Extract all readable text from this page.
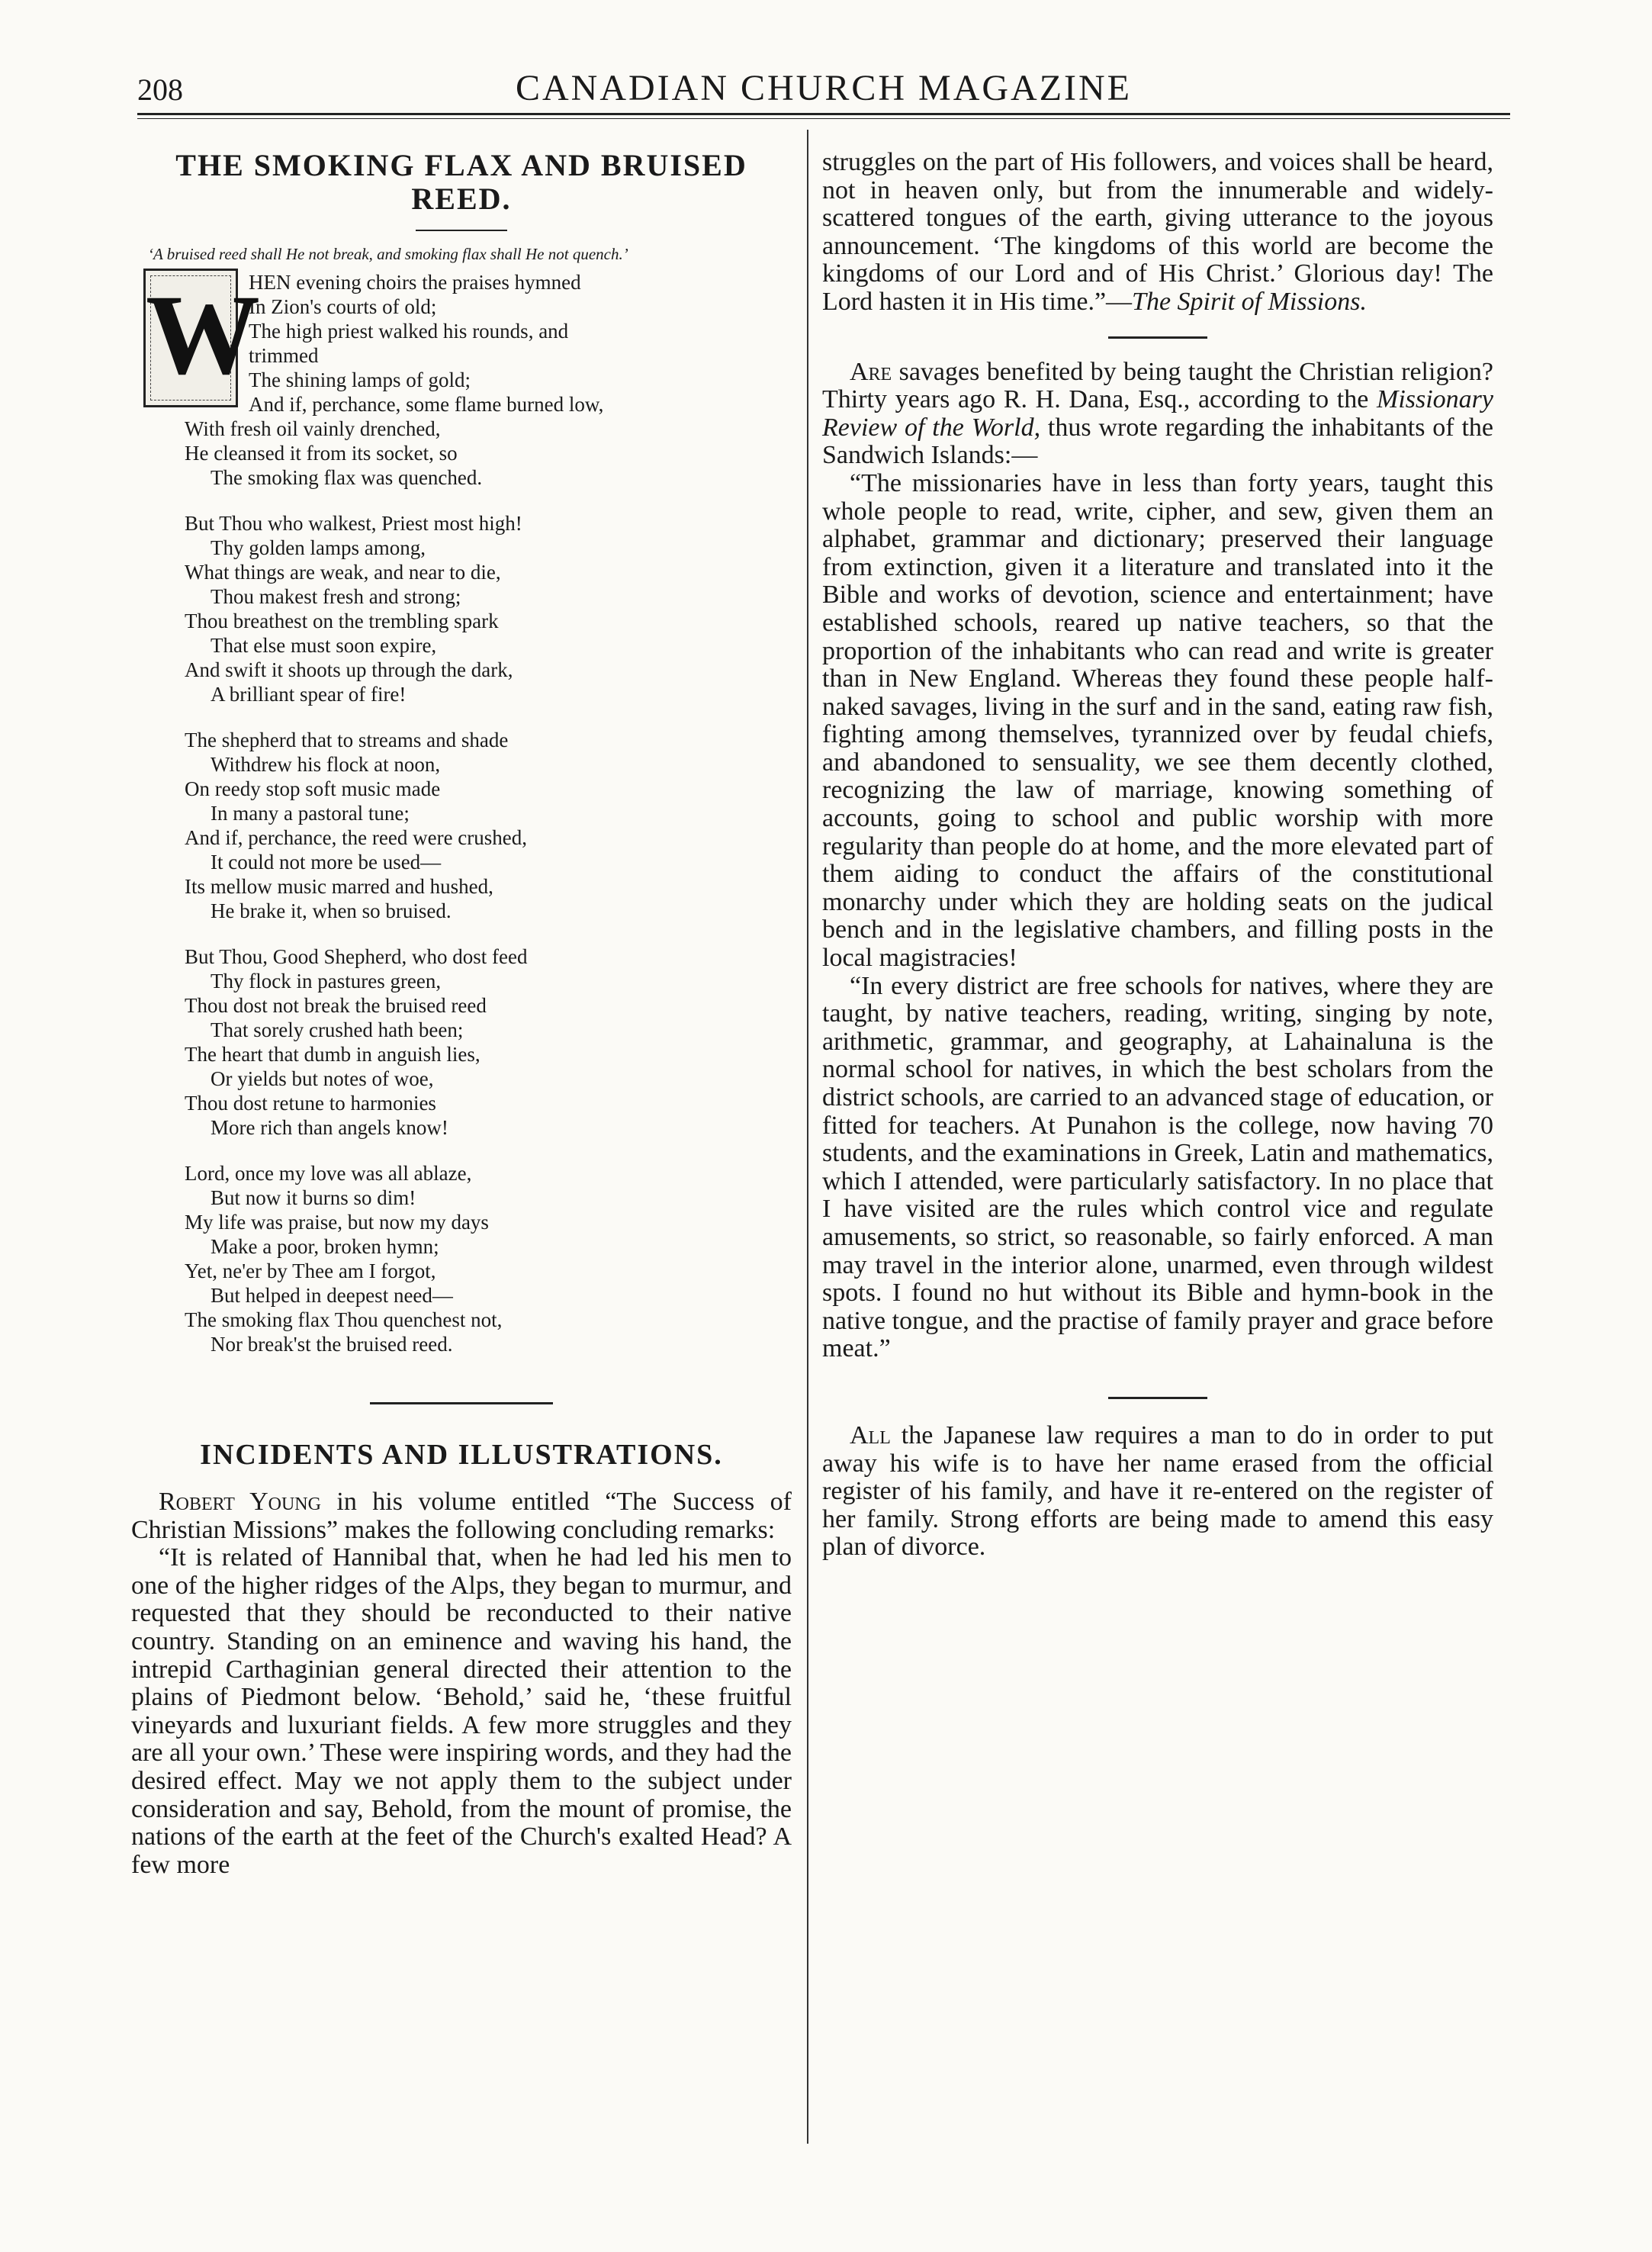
208	CANADIAN CHURCH MAGAZINE
THE SMOKING FLAX AND BRUISED
REED.
‘A bruised reed shall He not break, and smoking flax shall He not quench.’
W
HEN evening choirs the praises hymned
In Zion's courts of old;
The high priest walked his rounds, and
trimmed
The shining lamps of gold;
And if, perchance, some flame burned low,
With fresh oil vainly drenched,
He cleansed it from its socket, so
The smoking flax was quenched.
But Thou who walkest, Priest most high!
Thy golden lamps among,
What things are weak, and near to die,
Thou makest fresh and strong;
Thou breathest on the trembling spark
That else must soon expire,
And swift it shoots up through the dark,
A brilliant spear of fire!
The shepherd that to streams and shade
Withdrew his flock at noon,
On reedy stop soft music made
In many a pastoral tune;
And if, perchance, the reed were crushed,
It could not more be used—
Its mellow music marred and hushed,
He brake it, when so bruised.
But Thou, Good Shepherd, who dost feed
Thy flock in pastures green,
Thou dost not break the bruised reed
That sorely crushed hath been;
The heart that dumb in anguish lies,
Or yields but notes of woe,
Thou dost retune to harmonies
More rich than angels know!
Lord, once my love was all ablaze,
But now it burns so dim!
My life was praise, but now my days
Make a poor, broken hymn;
Yet, ne'er by Thee am I forgot,
But helped in deepest need—
The smoking flax Thou quenchest not,
Nor break'st the bruised reed.
INCIDENTS AND ILLUSTRATIONS.

Robert Young in his volume entitled “The Success of Christian Missions” makes the following concluding remarks:

“It is related of Hannibal that, when he had led his men to one of the higher ridges of the Alps, they began to murmur, and requested that they should be reconducted to their native country. Standing on an eminence and waving his hand, the intrepid Carthaginian general directed their attention to the plains of Piedmont below. ‘Behold,’ said he, ‘these fruitful vineyards and luxuriant fields. A few more struggles and they are all your own.’ These were inspiring words, and they had the desired effect. May we not apply them to the subject under consideration and say, Behold, from the mount of promise, the nations of the earth at the feet of the Church's exalted Head? A few more

struggles on the part of His followers, and voices shall be heard, not in heaven only, but from the innumerable and widely-scattered tongues of the earth, giving utterance to the joyous announcement. ‘The kingdoms of this world are become the kingdoms of our Lord and of His Christ.’ Glorious day! The Lord hasten it in His time.”—The Spirit of Missions.

Are savages benefited by being taught the Christian religion? Thirty years ago R. H. Dana, Esq., according to the Missionary Review of the World, thus wrote regarding the inhabitants of the Sandwich Islands:—

“The missionaries have in less than forty years, taught this whole people to read, write, cipher, and sew, given them an alphabet, grammar and dictionary; preserved their language from extinction, given it a literature and translated into it the Bible and works of devotion, science and entertainment; have established schools, reared up native teachers, so that the proportion of the inhabitants who can read and write is greater than in New England. Whereas they found these people half-naked savages, living in the surf and in the sand, eating raw fish, fighting among themselves, tyrannized over by feudal chiefs, and abandoned to sensuality, we see them decently clothed, recognizing the law of marriage, knowing something of accounts, going to school and public worship with more regularity than people do at home, and the more elevated part of them aiding to conduct the affairs of the constitutional monarchy under which they are holding seats on the judical bench and in the legislative chambers, and filling posts in the local magistracies!

“In every district are free schools for natives, where they are taught, by native teachers, reading, writing, singing by note, arithmetic, grammar, and geography, at Lahainaluna is the normal school for natives, in which the best scholars from the district schools, are carried to an advanced stage of education, or fitted for teachers. At Punahon is the college, now having 70 students, and the examinations in Greek, Latin and mathematics, which I attended, were particularly satisfactory. In no place that I have visited are the rules which control vice and regulate amusements, so strict, so reasonable, so fairly enforced. A man may travel in the interior alone, unarmed, even through wildest spots. I found no hut without its Bible and hymn-book in the native tongue, and the practise of family prayer and grace before meat.”

All the Japanese law requires a man to do in order to put away his wife is to have her name erased from the official register of his family, and have it re-entered on the register of her family. Strong efforts are being made to amend this easy plan of divorce.
